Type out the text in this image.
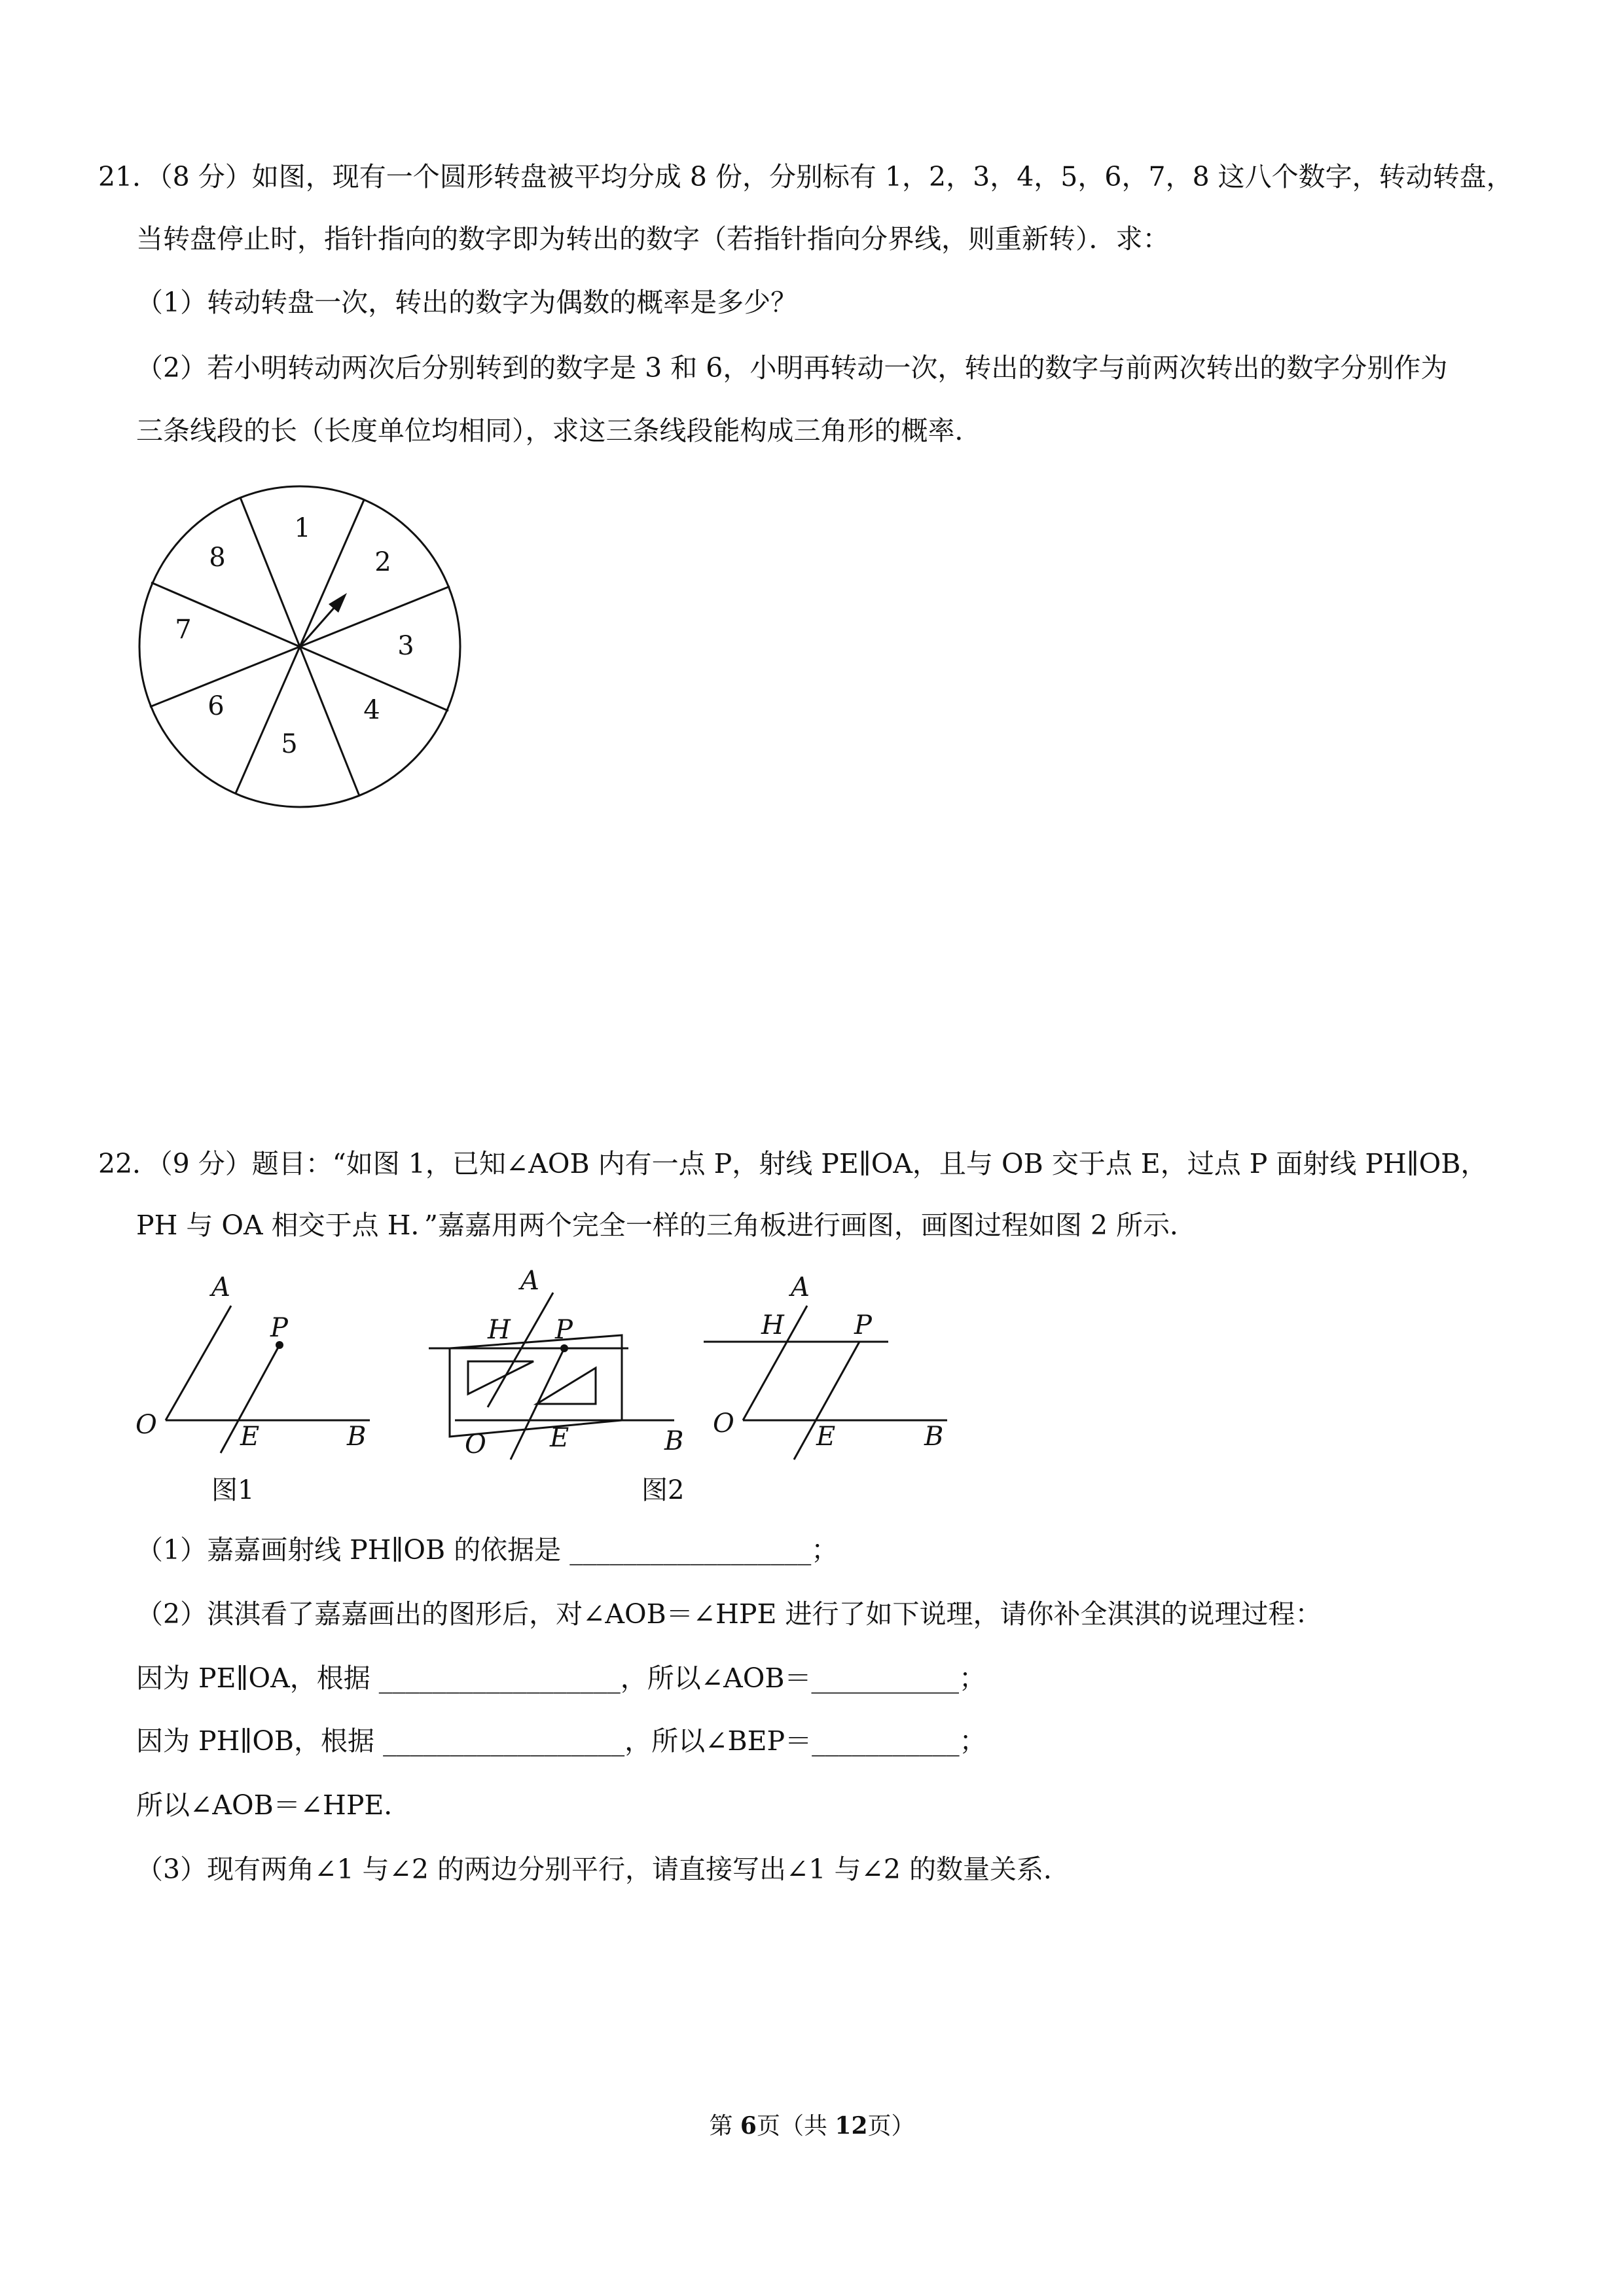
21．（8 分）如图，现有一个圆形转盘被平均分成 8 份，分别标有 1，2，3，4，5，6，7，8 这八个数字，转动转盘，
当转盘停止时，指针指向的数字即为转出的数字（若指针指向分界线，则重新转）．求：
（1）转动转盘一次，转出的数字为偶数的概率是多少？
（2）若小明转动两次后分别转到的数字是 3 和 6，小明再转动一次，转出的数字与前两次转出的数字分别作为
三条线段的长（长度单位均相同），求这三条线段能构成三角形的概率．
1
2
3
4
5
6
7
8
22．（9 分）题目：“如图 1，已知∠AOB 内有一点 P，射线 PE∥OA，且与 OB 交于点 E，过点 P 面射线 PH∥OB，
PH 与 OA 相交于点 H．”嘉嘉用两个完全一样的三角板进行画图，画图过程如图 2 所示．
A
P
O	E	B
图1
A
H P
O E	B
图2
A
H	P
O	E	B
（1）嘉嘉画射线 PH∥OB 的依据是 __________________；
（2）淇淇看了嘉嘉画出的图形后，对∠AOB＝∠HPE 进行了如下说理，请你补全淇淇的说理过程：
因为 PE∥OA，根据 __________________，所以∠AOB＝___________；
因为 PH∥OB，根据 __________________，所以∠BEP＝___________；
所以∠AOB＝∠HPE．
（3）现有两角∠1 与∠2 的两边分别平行，请直接写出∠1 与∠2 的数量关系．
第 6页（共 12页）
